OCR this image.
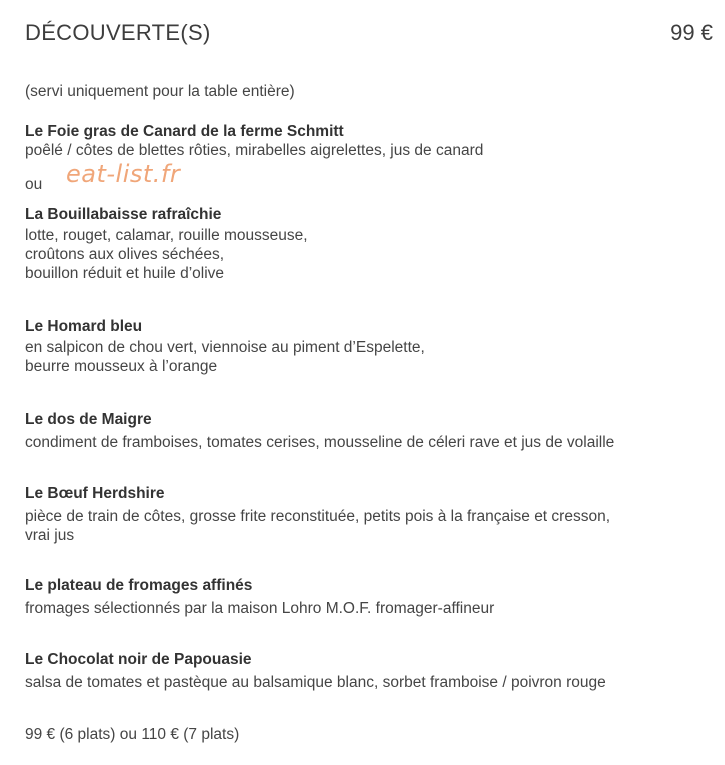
DÉCOUVERTE(S)	99 €
(servi uniquement pour la table entière)
Le Foie gras de Canard de la ferme Schmitt
poêlé / côtes de blettes rôties, mirabelles aigrelettes, jus de canard
ou eat-list.fr
La Bouillabaisse rafraîchie
lotte, rouget, calamar, rouille mousseuse,
croûtons aux olives séchées,
bouillon réduit et huile d’olive
Le Homard bleu
en salpicon de chou vert, viennoise au piment d’Espelette,
beurre mousseux à l’orange
Le dos de Maigre
condiment de framboises, tomates cerises, mousseline de céleri rave et jus de volaille
Le Bœuf Herdshire
pièce de train de côtes, grosse frite reconstituée, petits pois à la française et cresson,
vrai jus
Le plateau de fromages affinés
fromages sélectionnés par la maison Lohro M.O.F. fromager-affineur
Le Chocolat noir de Papouasie
salsa de tomates et pastèque au balsamique blanc, sorbet framboise / poivron rouge
99 € (6 plats) ou 110 € (7 plats)
